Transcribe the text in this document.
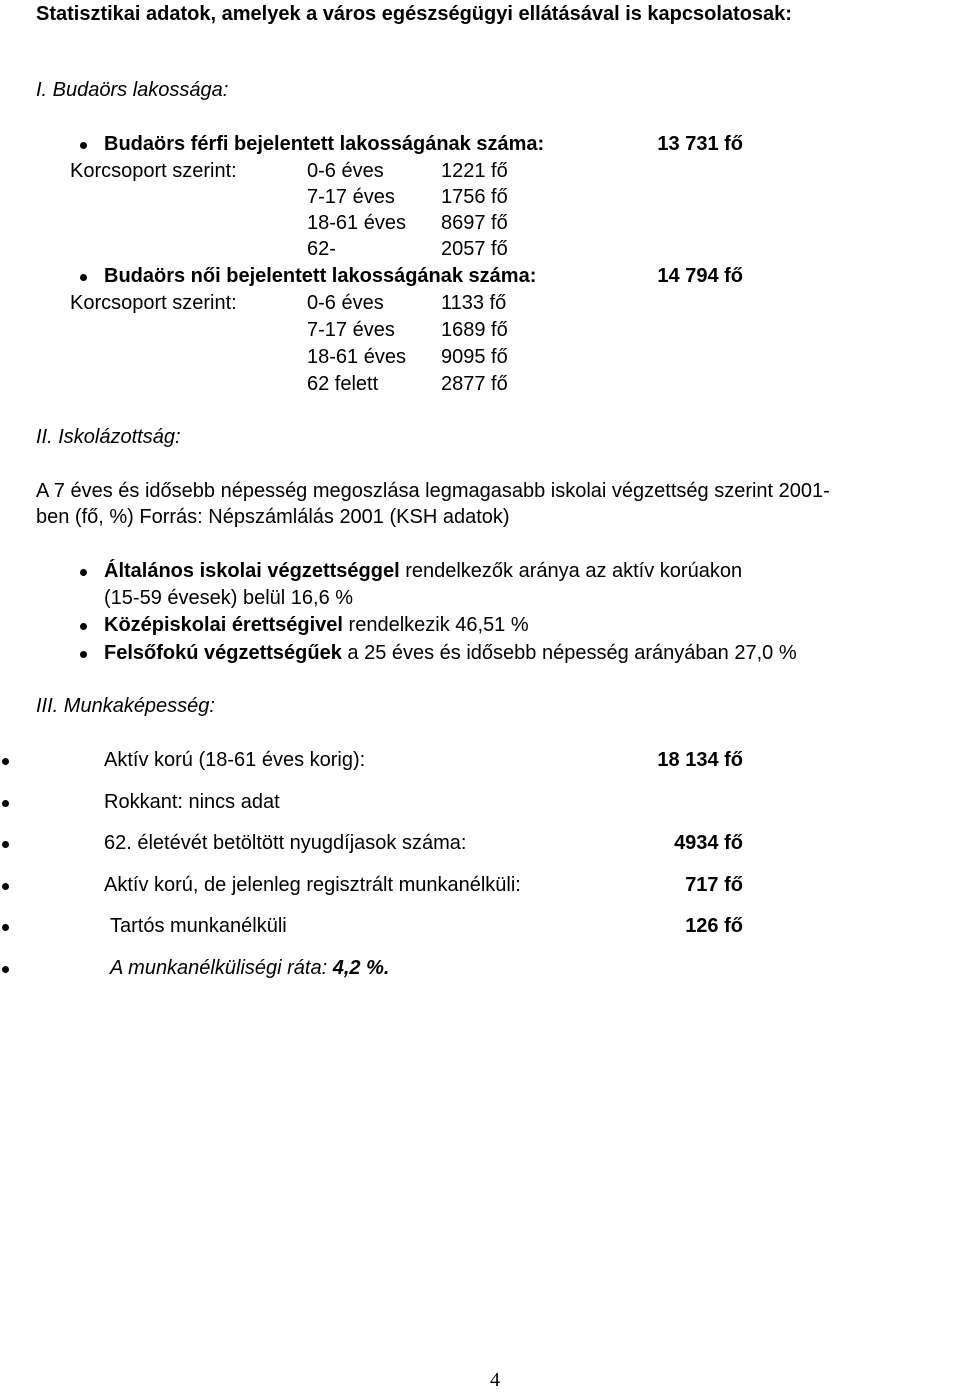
Statisztikai adatok, amelyek a város egészségügyi ellátásával is kapcsolatosak:
I. Budaörs lakossága:
Budaörs férfi bejelentett lakosságának száma:	13 731 fő
Korcsoport szerint:	0-6 éves	1221 fő
7-17 éves 1756 fő
18-61 éves 8697 fő
62-	2057 fő
Budaörs női bejelentett lakosságának száma:	14 794 fő
Korcsoport szerint:	0-6 éves	1133 fő
7-17 éves 1689 fő
18-61 éves 9095 fő
62 felett	2877 fő
II. Iskolázottság:
A 7 éves és idősebb népesség megoszlása legmagasabb iskolai végzettség szerint 2001-
ben (fő, %) Forrás: Népszámlálás 2001 (KSH adatok)
Általános iskolai végzettséggel rendelkezők aránya az aktív korúakon
(15-59 évesek) belül 16,6 %
Középiskolai érettségivel rendelkezik 46,51 %
Felsőfokú végzettségűek a 25 éves és idősebb népesség arányában 27,0 %
III. Munkaképesség:
Aktív korú (18-61 éves korig):	18 134 fő
Rokkant: nincs adat
62. életévét betöltött nyugdíjasok száma:	4934 fő
Aktív korú, de jelenleg regisztrált munkanélküli:	717 fő
Tartós munkanélküli	126 fő
A munkanélküliségi ráta: 4,2 %.
4
